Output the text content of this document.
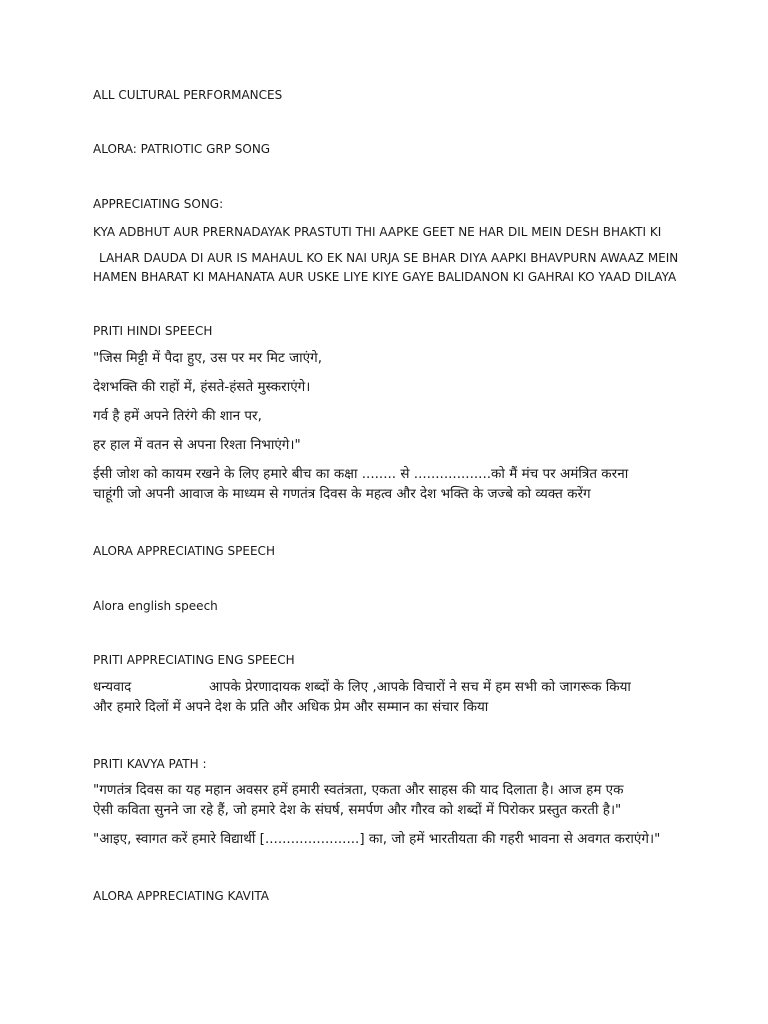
ALL CULTURAL PERFORMANCES

ALORA: PATRIOTIC GRP SONG

APPRECIATING SONG:

KYA ADBHUT AUR PRERNADAYAK PRASTUTI THI AAPKE GEET NE HAR DIL MEIN DESH BHAKTI KI

LAHAR DAUDA DI AUR IS MAHAUL KO EK NAI URJA SE BHAR DIYA AAPKI BHAVPURN AWAAZ MEIN

HAMEN BHARAT KI MAHANATA AUR USKE LIYE KIYE GAYE BALIDANON KI GAHRAI KO YAAD DILAYA

PRITI HINDI SPEECH

"जिस मिट्टी में पैदा हुए, उस पर मर मिट जाएंगे,

देशभक्ति की राहों में, हंसते-हंसते मुस्कराएंगे।

गर्व है हमें अपने तिरंगे की शान पर,

हर हाल में वतन से अपना रिश्ता निभाएंगे।"

ईसी जोश को कायम रखने के लिए हमारे बीच का कक्षा ........ से ..................को मैं मंच पर अमंत्रित करना

चाहूंगी जो अपनी आवाज के माध्यम से गणतंत्र दिवस के महत्व और देश भक्ति के जज्बे को व्यक्त करेंग

ALORA APPRECIATING SPEECH

Alora english speech

PRITI APPRECIATING ENG SPEECH

धन्यवाद	आपके प्रेरणादायक शब्दों के लिए ,आपके विचारों ने सच में हम सभी को जागरूक किया

और हमारे दिलों में अपने देश के प्रति और अधिक प्रेम और सम्मान का संचार किया

PRITI KAVYA PATH :

"गणतंत्र दिवस का यह महान अवसर हमें हमारी स्वतंत्रता, एकता और साहस की याद दिलाता है। आज हम एक

ऐसी कविता सुनने जा रहे हैं, जो हमारे देश के संघर्ष, समर्पण और गौरव को शब्दों में पिरोकर प्रस्तुत करती है।"

"आइए, स्वागत करें हमारे विद्यार्थी [......................] का, जो हमें भारतीयता की गहरी भावना से अवगत कराएंगे।"

ALORA APPRECIATING KAVITA
